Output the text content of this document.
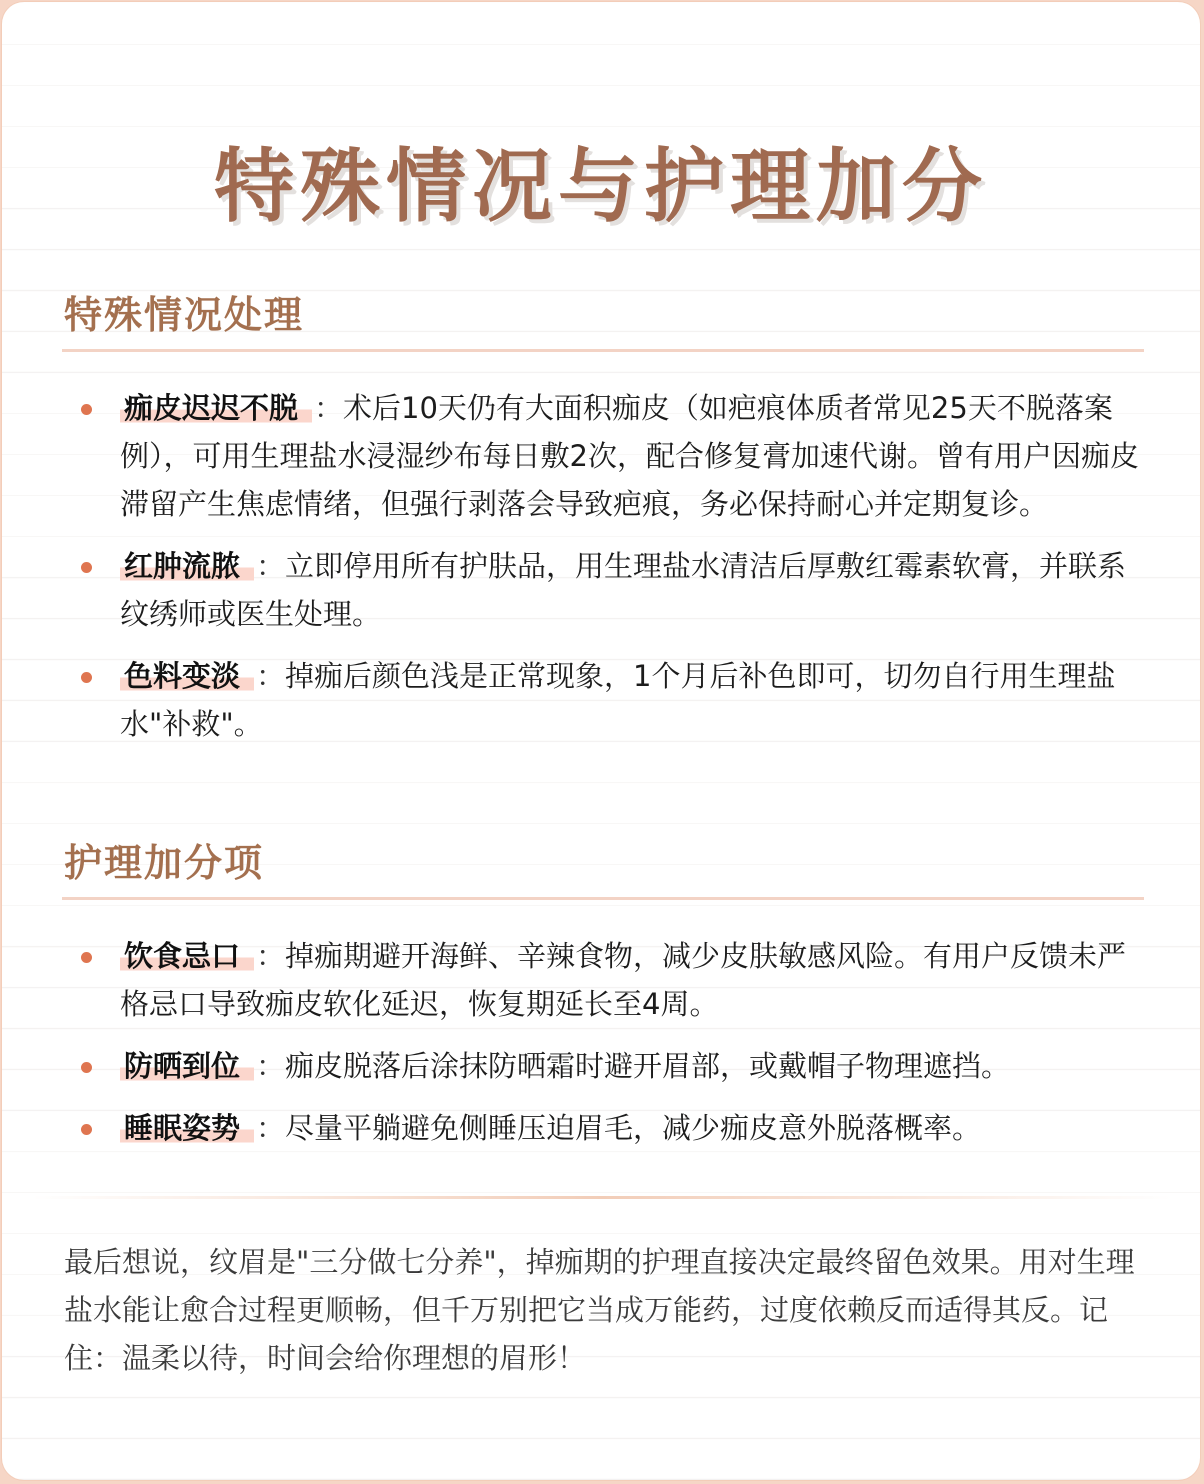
特殊情况与护理加分
特殊情况处理
痂皮迟迟不脱 ：术后10天仍有大面积痂皮（如疤痕体质者常见25天不脱落案例），可用生理盐水浸湿纱布每日敷2次，配合修复膏加速代谢。曾有用户因痂皮滞留产生焦虑情绪，但强行剥落会导致疤痕，务必保持耐心并定期复诊。
红肿流脓 ：立即停用所有护肤品，用生理盐水清洁后厚敷红霉素软膏，并联系纹绣师或医生处理。
色料变淡 ：掉痂后颜色浅是正常现象，1个月后补色即可，切勿自行用生理盐水"补救"。
护理加分项
饮食忌口 ：掉痂期避开海鲜、辛辣食物，减少皮肤敏感风险。有用户反馈未严格忌口导致痂皮软化延迟，恢复期延长至4周。
防晒到位 ：痂皮脱落后涂抹防晒霜时避开眉部，或戴帽子物理遮挡。
睡眠姿势 ：尽量平躺避免侧睡压迫眉毛，减少痂皮意外脱落概率。

最后想说，纹眉是"三分做七分养"，掉痂期的护理直接决定最终留色效果。用对生理盐水能让愈合过程更顺畅，但千万别把它当成万能药，过度依赖反而适得其反。记住：温柔以待，时间会给你理想的眉形！
